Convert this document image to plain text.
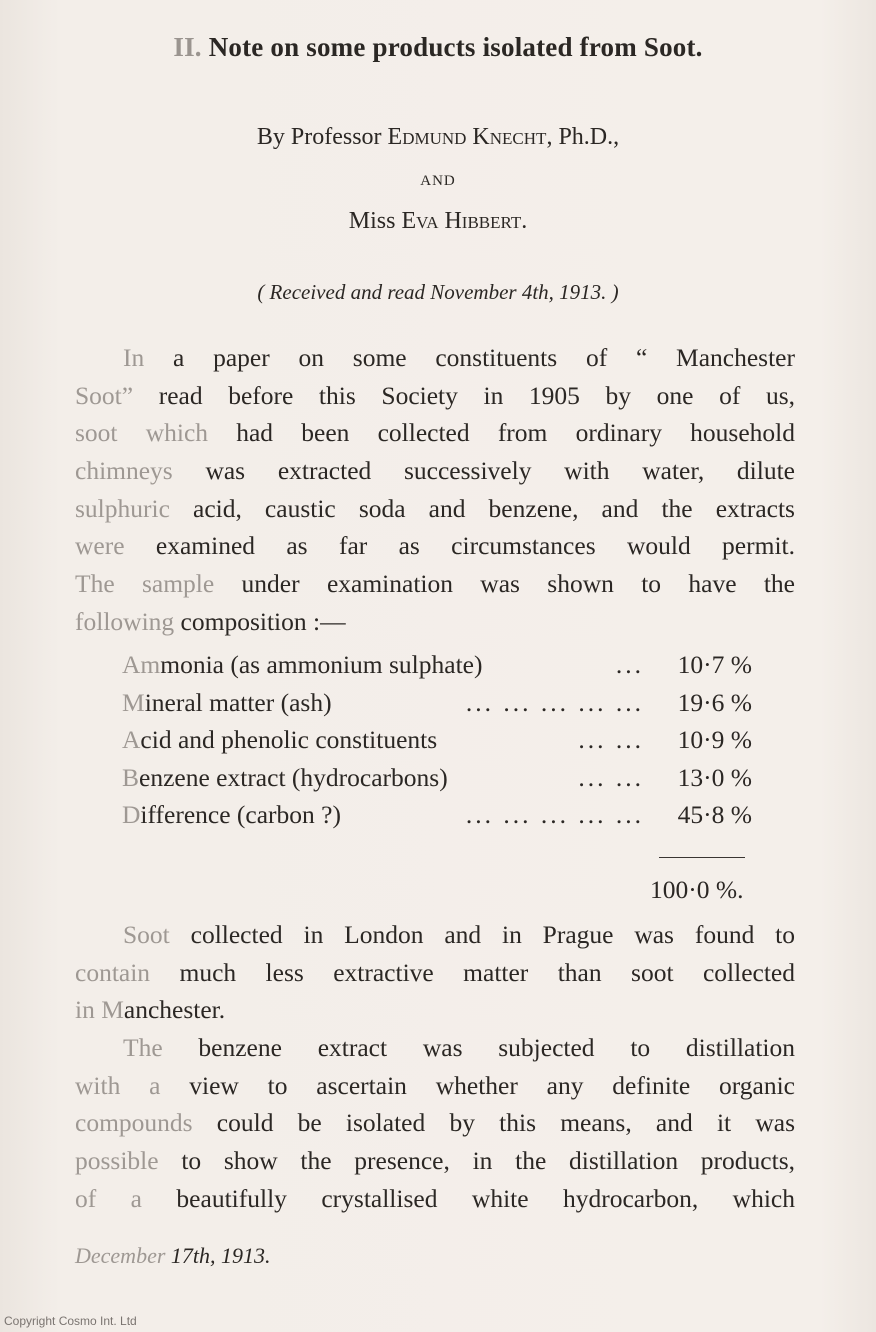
II. Note on some products isolated from Soot.
By Professor Edmund Knecht, Ph.D.,
AND
Miss Eva Hibbert.
( Received and read November 4th, 1913. )
In a paper on some constituents of “ Manchester
Soot” read before this Society in 1905 by one of us,
soot which had been collected from ordinary household
chimneys was extracted successively with water, dilute
sulphuric acid, caustic soda and benzene, and the extracts
were examined as far as circumstances would permit.
The sample under examination was shown to have the
following composition :—
Ammonia (as ammonium sulphate)	...	10·7 %
Mineral matter (ash)	... ... ... ... ...	19·6 %
Acid and phenolic constituents	... ...	10·9 %
Benzene extract (hydrocarbons)	... ...	13·0 %
Difference (carbon ?)	... ... ... ... ...	45·8 %
100·0 %.
Soot collected in London and in Prague was found to
contain much less extractive matter than soot collected
in Manchester.
The benzene extract was subjected to distillation
with a view to ascertain whether any definite organic
compounds could be isolated by this means, and it was
possible to show the presence, in the distillation products,
of a beautifully crystallised white hydrocarbon, which
December 17th, 1913.
Copyright Cosmo Int. Ltd
